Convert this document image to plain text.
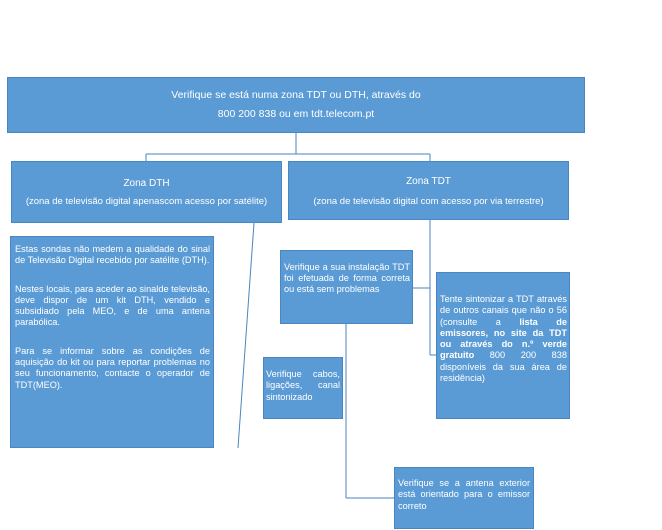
Verifique se está numa zona TDT ou DTH, através do
800 200 838 ou em tdt.telecom.pt
Zona DTH
(zona de televisão digital apenascom acesso por satélite)
Zona TDT
(zona de televisão digital com acesso por via terrestre)

Estas sondas não medem a qualidade do sinal de Televisão Digital recebido por satélite (DTH).

Nestes locais, para aceder ao sinalde televisão, deve dispor de um kit DTH, vendido e subsidiado pela MEO, e de uma antena parabólica.

Para se informar sobre as condições de aquisição do kit ou para reportar problemas no seu funcionamento, contacte o operador de TDT(MEO).

Verifique a sua instalação TDT foi efetuada de forma correta ou está sem problemas
Tente sintonizar a TDT através de outros canais que não o 56 (consulte a lista de emissores, no site da TDT ou através do n.º verde gratuito 800 200 838 disponíveis da sua área de residência)
Verifique cabos, ligações, canal sintonizado
Verifique se a antena exterior está orientado para o emissor correto
